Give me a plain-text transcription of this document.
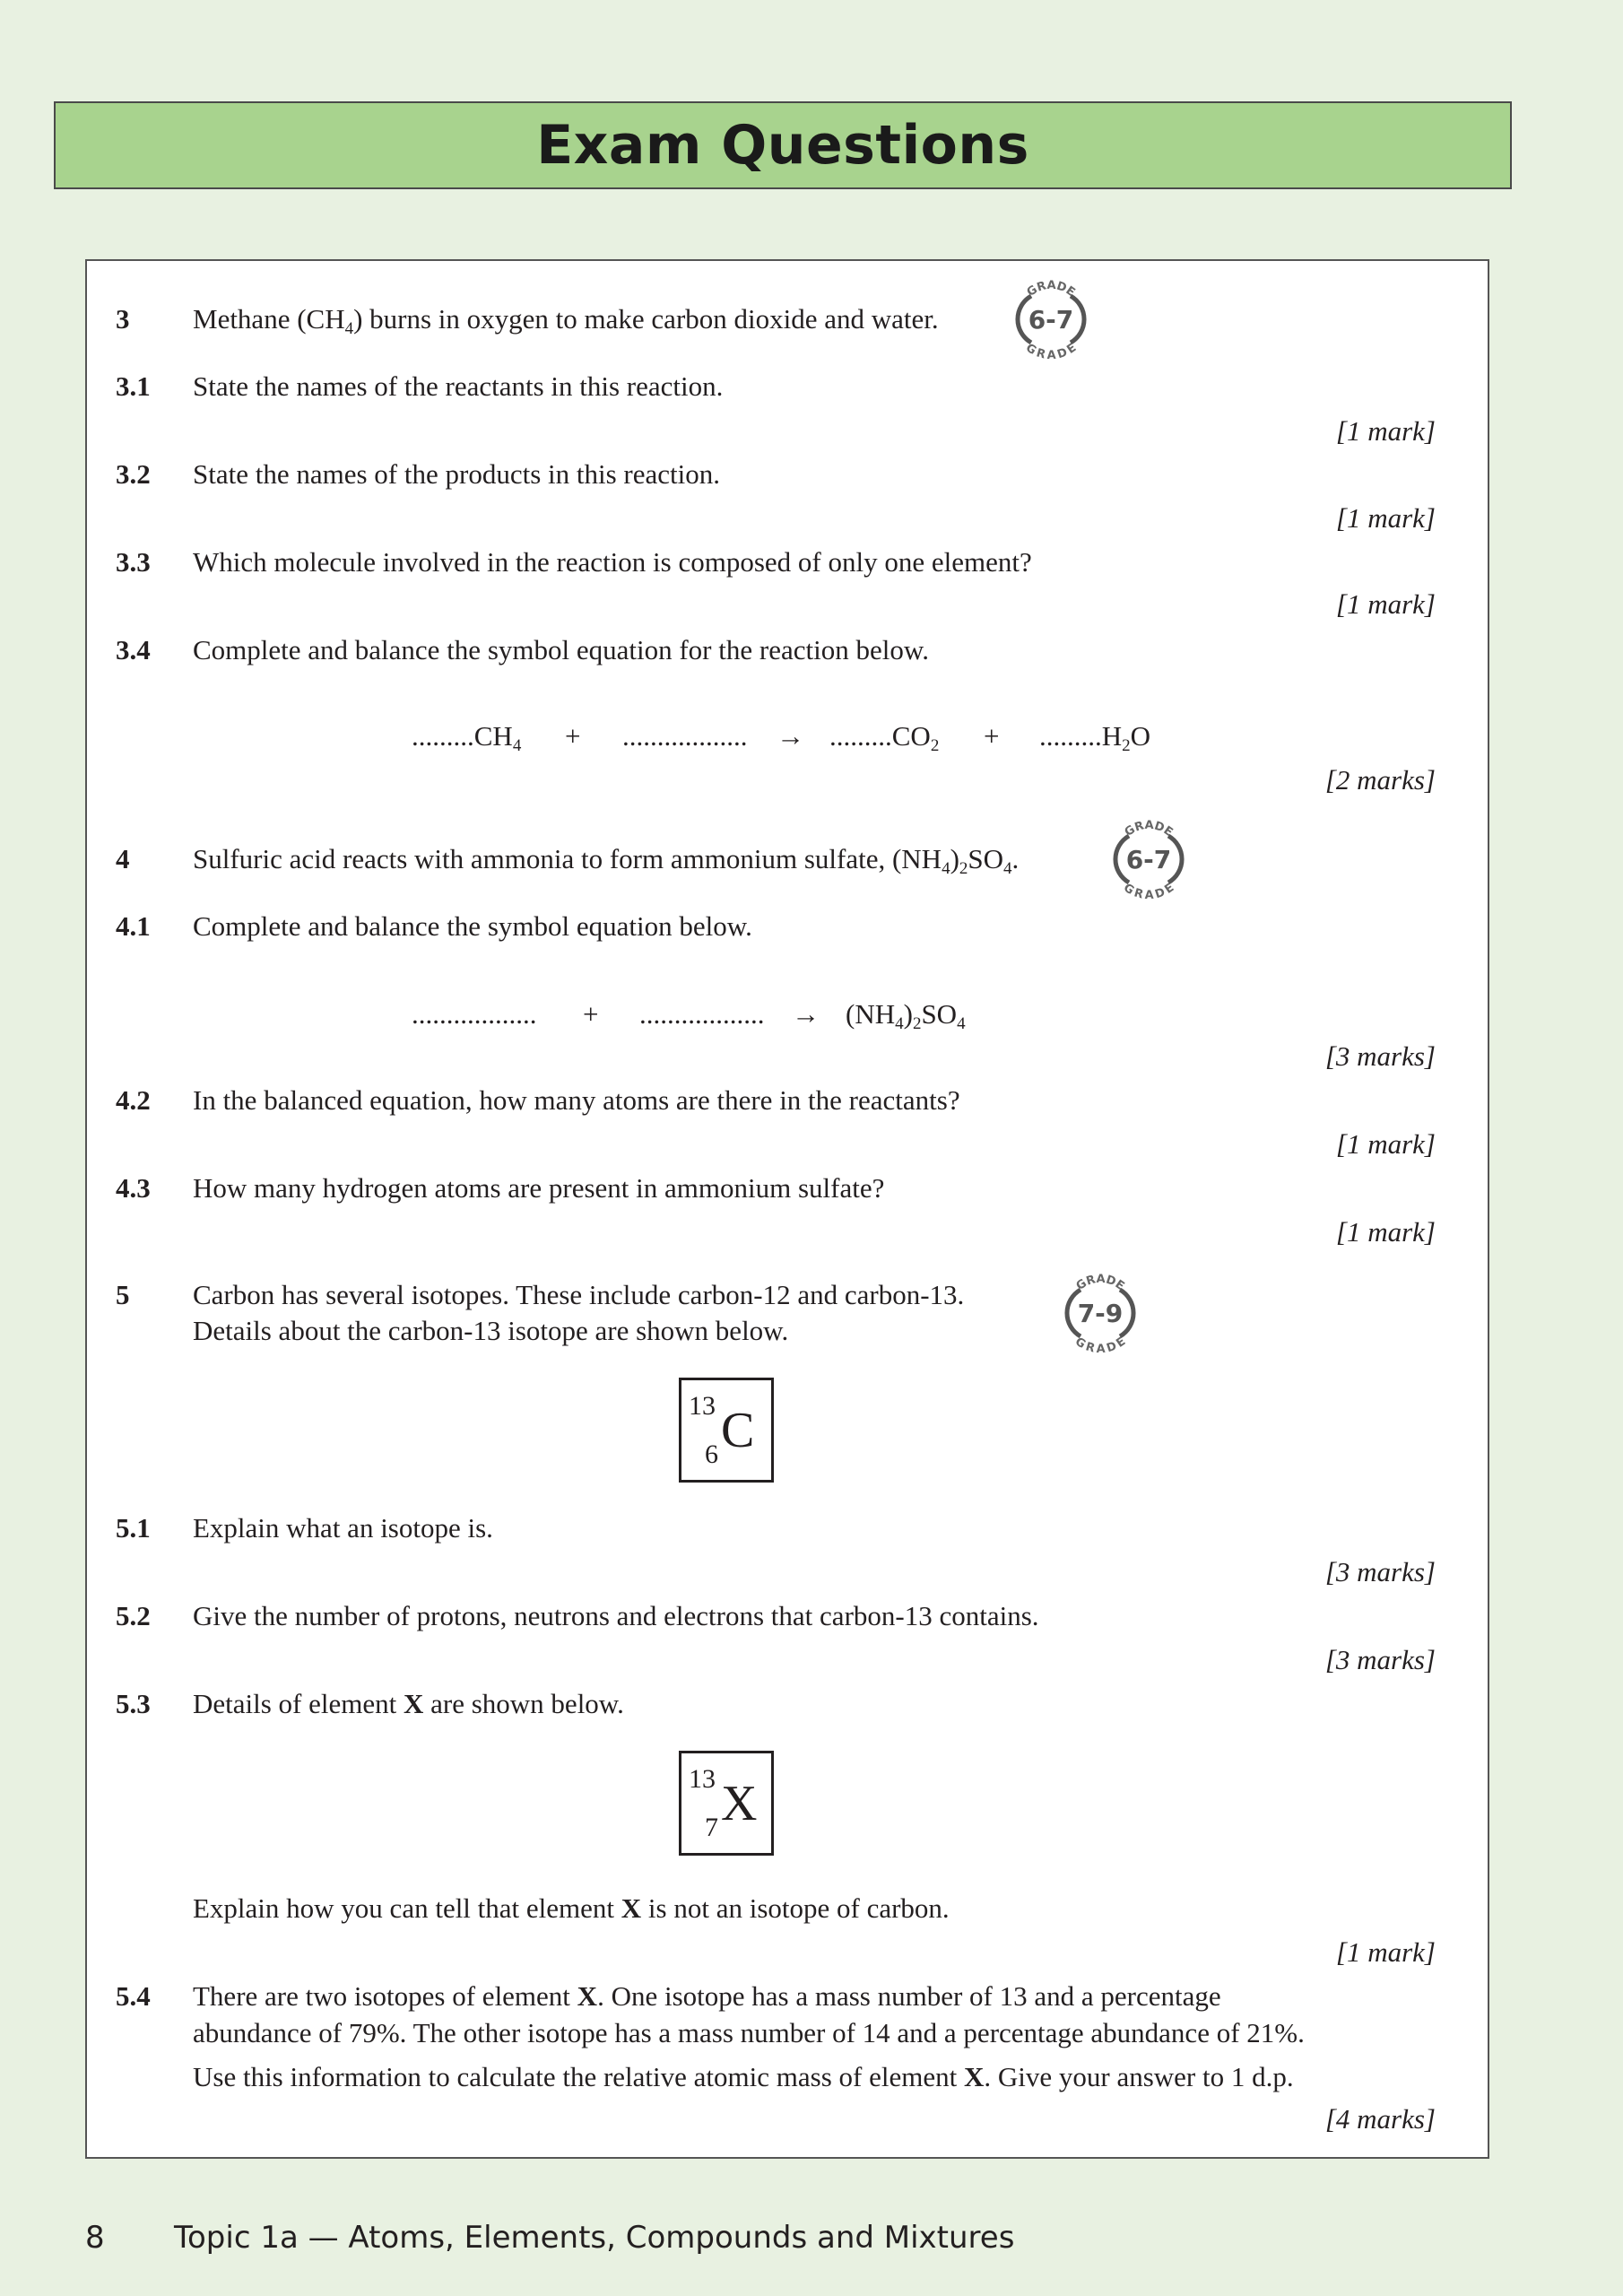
Exam Questions
3 Methane $(CH_4)$ burns in oxygen to make carbon dioxide and water.
GRADE
GRADE
6-7
3.1 State the names of the reactants in this reaction.
[1 mark]
3.2 State the names of the products in this reaction.
[1 mark]
3.3 Which molecule involved in the reaction is composed of only one element?
[1 mark]
3.4 Complete and balance the symbol equation for the reaction below.
$.........CH_4$ + .................. → $.........CO_2 + .........H_2O$
[2 marks]
4 Sulfuric acid reacts with ammonia to form ammonium sulfate, $(NH_4)_2SO_4$.
GRADE
GRADE
6-7
4.1 Complete and balance the symbol equation below.
.................. + .................. → $(NH_4)_2SO_4$
[3 marks]
4.2 In the balanced equation, how many atoms are there in the reactants?
[1 mark]
4.3 How many hydrogen atoms are present in ammonium sulfate?
[1 mark]
5 Carbon has several isotopes. These include carbon-12 and carbon-13.
Details about the carbon-13 isotope are shown below.
GRADE
GRADE
7-9
13
6 C
5.1 Explain what an isotope is.
[3 marks]
5.2 Give the number of protons, neutrons and electrons that carbon-13 contains.
[3 marks]
5.3 Details of element X are shown below.
13
7 X
Explain how you can tell that element X is not an isotope of carbon.
[1 mark]
5.4 There are two isotopes of element X. One isotope has a mass number of 13 and a percentage
abundance of 79%. The other isotope has a mass number of 14 and a percentage abundance of 21%.
Use this information to calculate the relative atomic mass of element X. Give your answer to 1 d.p.
[4 marks]
8 Topic 1a — Atoms, Elements, Compounds and Mixtures
